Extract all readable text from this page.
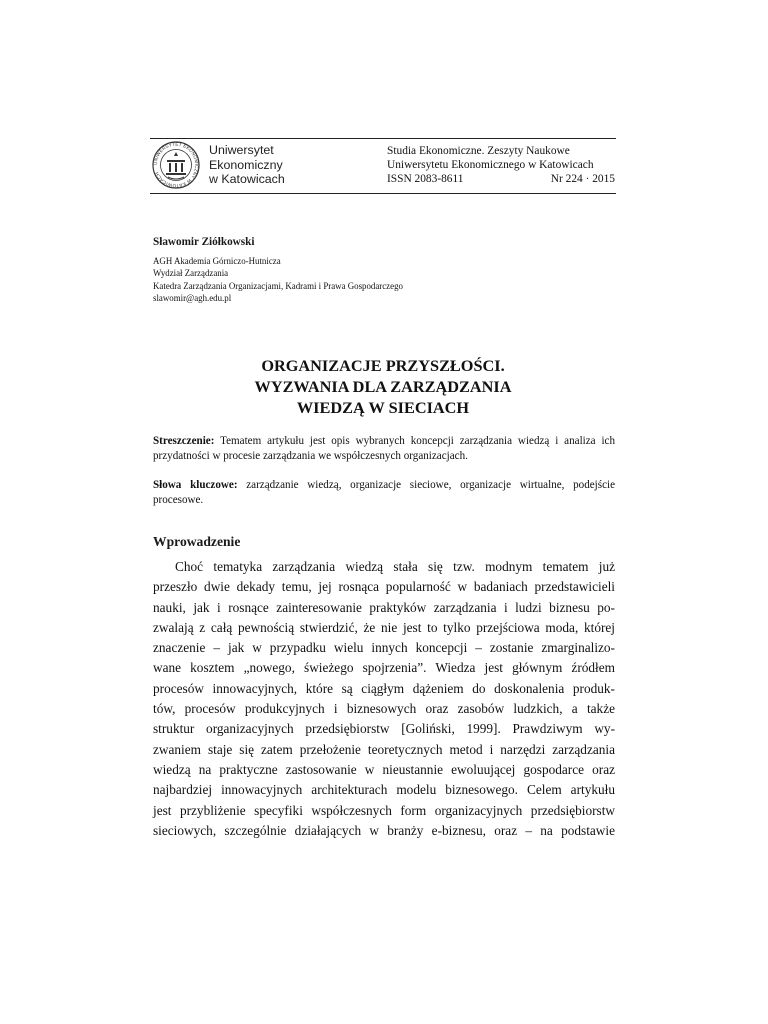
UNIWERSYTET EKONOMICZNY W KATOWICACH
Uniwersytet
Ekonomiczny
w Katowicach
Studia Ekonomiczne. Zeszyty Naukowe
Uniwersytetu Ekonomicznego w Katowicach
ISSN 2083-8611	Nr 224 · 2015
Sławomir Ziółkowski
AGH Akademia Górniczo-Hutnicza
Wydział Zarządzania
Katedra Zarządzania Organizacjami, Kadrami i Prawa Gospodarczego
slawomir@agh.edu.pl
ORGANIZACJE PRZYSZŁOŚCI.
WYZWANIA DLA ZARZĄDZANIA
WIEDZĄ W SIECIACH
Streszczenie: Tematem artykułu jest opis wybranych koncepcji zarządzania wiedzą i analiza ich przydatności w procesie zarządzania we współczesnych organizacjach.
Słowa kluczowe: zarządzanie wiedzą, organizacje sieciowe, organizacje wirtualne, podejście procesowe.
Wprowadzenie
Choć tematyka zarządzania wiedzą stała się tzw. modnym tematem już
przeszło dwie dekady temu, jej rosnąca popularność w badaniach przedstawicieli
nauki, jak i rosnące zainteresowanie praktyków zarządzania i ludzi biznesu po-
zwalają z całą pewnością stwierdzić, że nie jest to tylko przejściowa moda, której
znaczenie – jak w przypadku wielu innych koncepcji – zostanie zmarginalizo-
wane kosztem „nowego, świeżego spojrzenia”. Wiedza jest głównym źródłem
procesów innowacyjnych, które są ciągłym dążeniem do doskonalenia produk-
tów, procesów produkcyjnych i biznesowych oraz zasobów ludzkich, a także
struktur organizacyjnych przedsiębiorstw [Goliński, 1999]. Prawdziwym wy-
zwaniem staje się zatem przełożenie teoretycznych metod i narzędzi zarządzania
wiedzą na praktyczne zastosowanie w nieustannie ewoluującej gospodarce oraz
najbardziej innowacyjnych architekturach modelu biznesowego. Celem artykułu
jest przybliżenie specyfiki współczesnych form organizacyjnych przedsiębiorstw
sieciowych, szczególnie działających w branży e-biznesu, oraz – na podstawie
